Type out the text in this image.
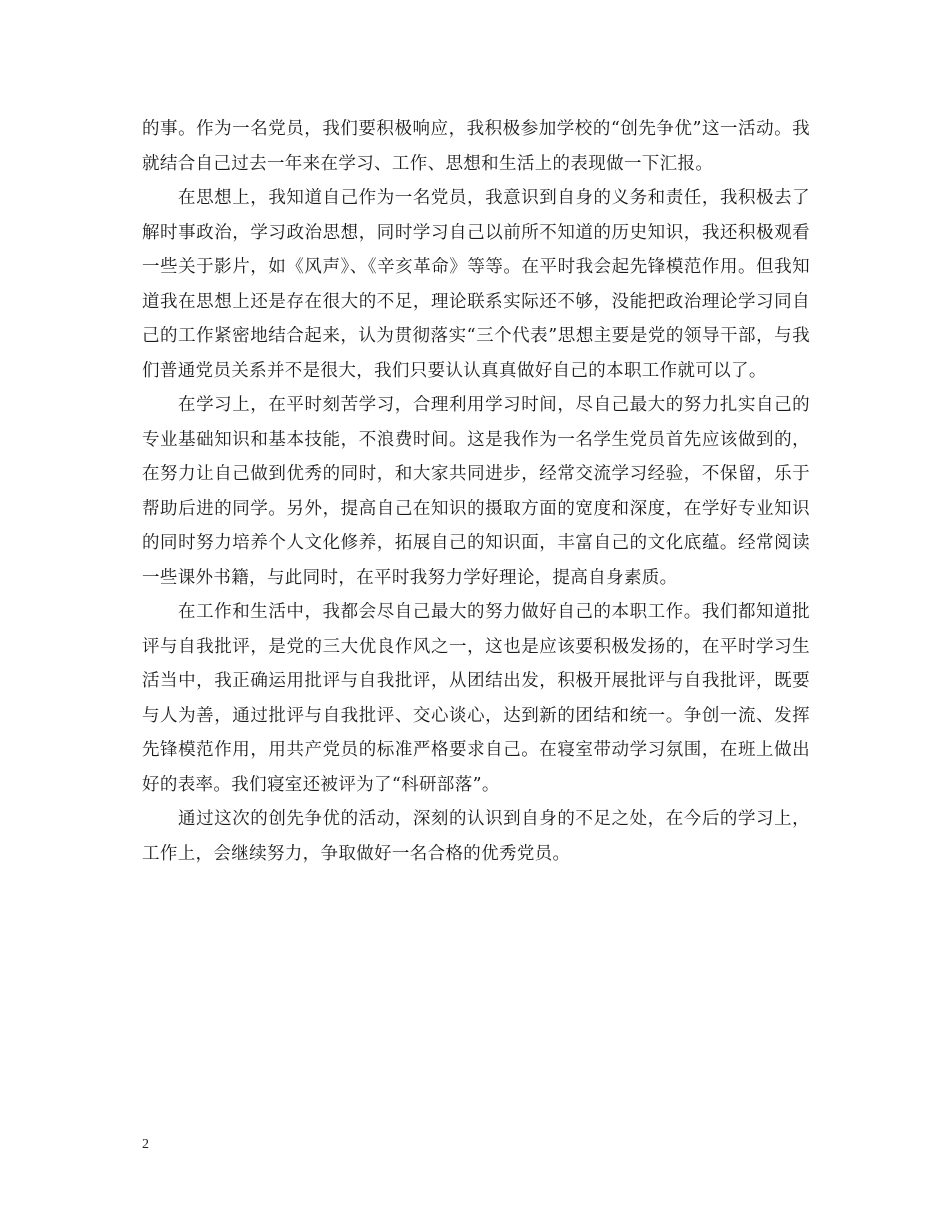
的事。作为一名党员，我们要积极响应，我积极参加学校的“创先争优”这一活动。我就结合自己过去一年来在学习、工作、思想和生活上的表现做一下汇报。

在思想上，我知道自己作为一名党员，我意识到自身的义务和责任，我积极去了解时事政治，学习政治思想，同时学习自己以前所不知道的历史知识，我还积极观看一些关于影片，如《风声》、《辛亥革命》等等。在平时我会起先锋模范作用。但我知道我在思想上还是存在很大的不足，理论联系实际还不够，没能把政治理论学习同自己的工作紧密地结合起来，认为贯彻落实“三个代表”思想主要是党的领导干部，与我们普通党员关系并不是很大，我们只要认认真真做好自己的本职工作就可以了。

在学习上，在平时刻苦学习，合理利用学习时间，尽自己最大的努力扎实自己的专业基础知识和基本技能，不浪费时间。这是我作为一名学生党员首先应该做到的，在努力让自己做到优秀的同时，和大家共同进步，经常交流学习经验，不保留，乐于帮助后进的同学。另外，提高自己在知识的摄取方面的宽度和深度，在学好专业知识的同时努力培养个人文化修养，拓展自己的知识面，丰富自己的文化底蕴。经常阅读一些课外书籍，与此同时，在平时我努力学好理论，提高自身素质。

在工作和生活中，我都会尽自己最大的努力做好自己的本职工作。我们都知道批评与自我批评，是党的三大优良作风之一，这也是应该要积极发扬的，在平时学习生活当中，我正确运用批评与自我批评，从团结出发，积极开展批评与自我批评，既要与人为善，通过批评与自我批评、交心谈心，达到新的团结和统一。争创一流、发挥先锋模范作用，用共产党员的标准严格要求自己。在寝室带动学习氛围，在班上做出好的表率。我们寝室还被评为了“科研部落”。

通过这次的创先争优的活动，深刻的认识到自身的不足之处，在今后的学习上，工作上，会继续努力，争取做好一名合格的优秀党员。

2
